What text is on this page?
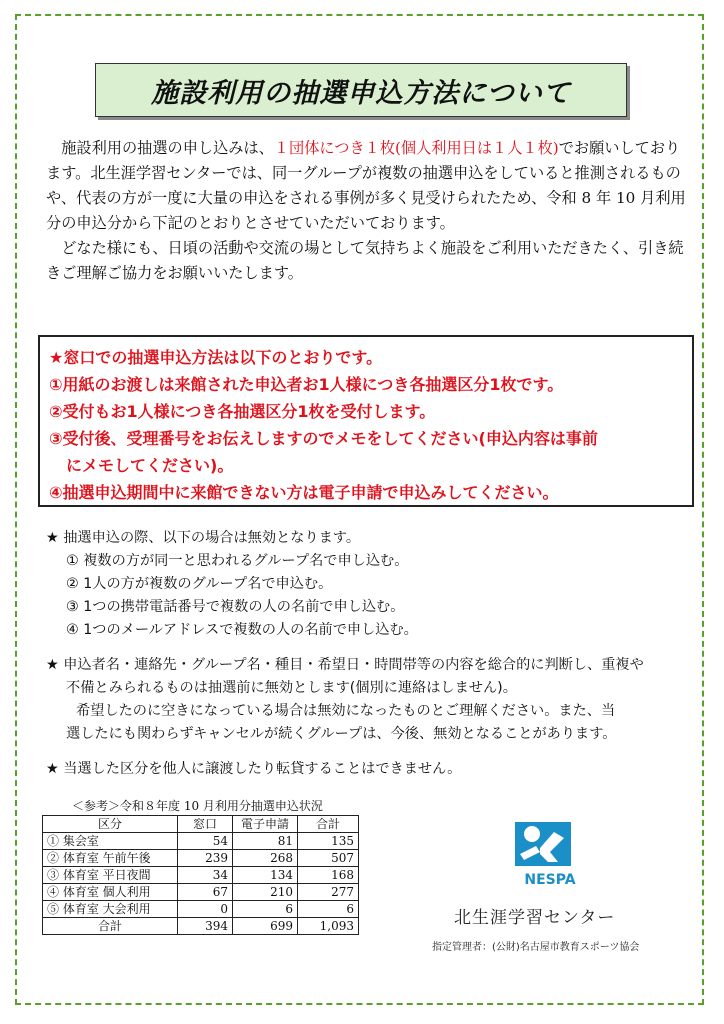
施設利用の抽選申込方法について

施設利用の抽選の申し込みは、１団体につき１枚(個人利用日は１人１枚)でお願いしております。北生涯学習センターでは、同一グループが複数の抽選申込をしていると推測されるものや、代表の方が一度に大量の申込をされる事例が多く見受けられたため、令和 8 年 10 月利用分の申込分から下記のとおりとさせていただいております。

どなた様にも、日頃の活動や交流の場として気持ちよく施設をご利用いただきたく、引き続きご理解ご協力をお願いいたします。

★窓口での抽選申込方法は以下のとおりです。
①用紙のお渡しは来館された申込者お1人様につき各抽選区分1枚です。
②受付もお1人様につき各抽選区分1枚を受付します。
③受付後、受理番号をお伝えしますのでメモをしてください(申込内容は事前
にメモしてください)。
④抽選申込期間中に来館できない方は電子申請で申込みしてください。
★ 抽選申込の際、以下の場合は無効となります。
① 複数の方が同一と思われるグループ名で申し込む。
② 1人の方が複数のグループ名で申込む。
③ 1つの携帯電話番号で複数の人の名前で申し込む。
④ 1つのメールアドレスで複数の人の名前で申し込む。
★ 申込者名・連絡先・グループ名・種目・希望日・時間帯等の内容を総合的に判断し、重複や
不備とみられるものは抽選前に無効とします(個別に連絡はしません)。
希望したのに空きになっている場合は無効になったものとご理解ください。また、当
選したにも関わらずキャンセルが続くグループは、今後、無効となることがあります。
★ 当選した区分を他人に譲渡したり転貸することはできません。
＜参考＞令和８年度 10 月利用分抽選申込状況
区分	窓口	電子申請	合計
① 集会室	54	81	135
② 体育室 午前午後	239	268	507
③ 体育室 平日夜間	34	134	168
④ 体育室 個人利用	67	210	277
⑤ 体育室 大会利用	0	6	6
合計	394	699	1,093
NESPA
北生涯学習センター
指定管理者：(公財)名古屋市教育スポーツ協会
